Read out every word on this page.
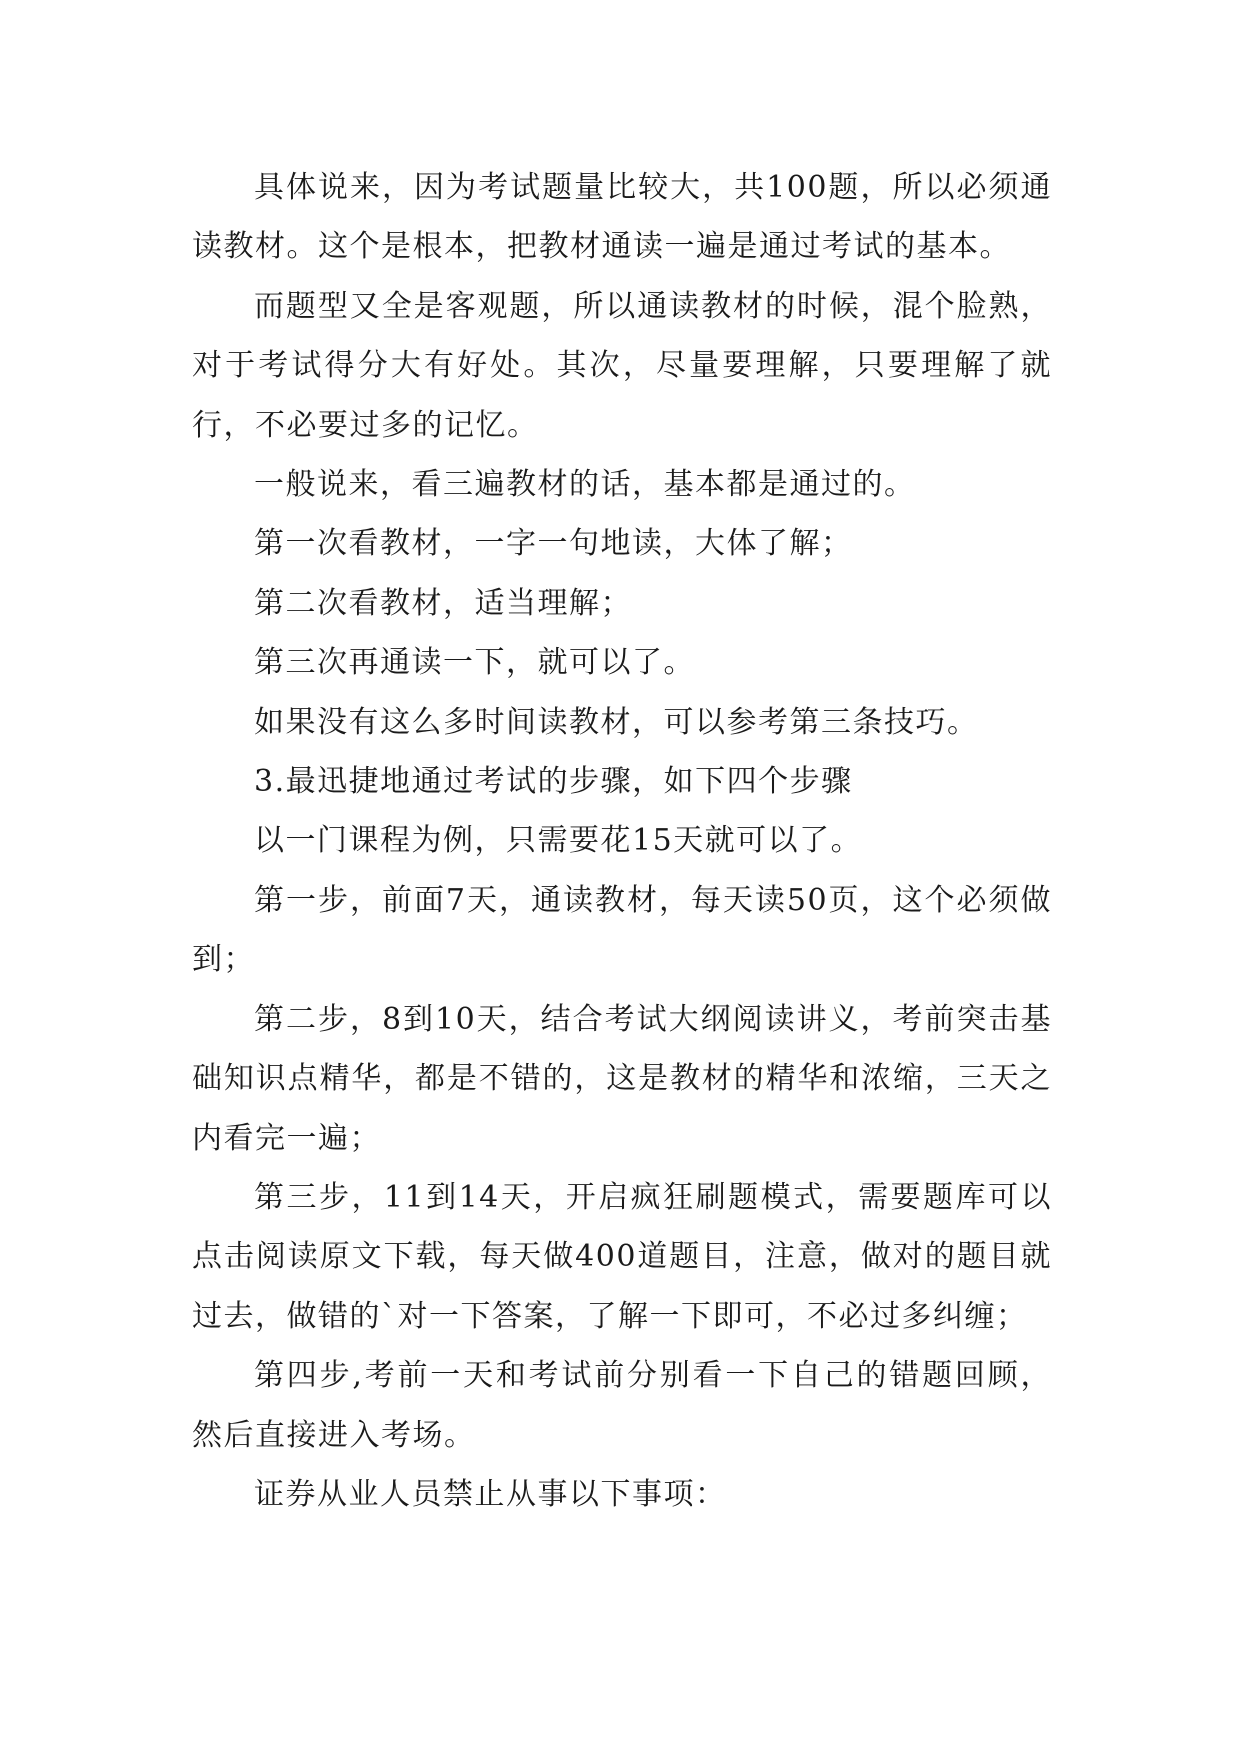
具体说来，因为考试题量比较大，共100题，所以必须通读教材。这个是根本，把教材通读一遍是通过考试的基本。

而题型又全是客观题，所以通读教材的时候，混个脸熟，对于考试得分大有好处。其次，尽量要理解，只要理解了就行，不必要过多的记忆。

一般说来，看三遍教材的话，基本都是通过的。

第一次看教材，一字一句地读，大体了解；

第二次看教材，适当理解；

第三次再通读一下，就可以了。

如果没有这么多时间读教材，可以参考第三条技巧。

3.最迅捷地通过考试的步骤，如下四个步骤

以一门课程为例，只需要花15天就可以了。

第一步，前面7天，通读教材，每天读50页，这个必须做到；

第二步，8到10天，结合考试大纲阅读讲义，考前突击基础知识点精华，都是不错的，这是教材的精华和浓缩，三天之内看完一遍；

第三步，11到14天，开启疯狂刷题模式，需要题库可以点击阅读原文下载，每天做400道题目，注意，做对的题目就过去，做错的`对一下答案，了解一下即可，不必过多纠缠；

第四步,考前一天和考试前分别看一下自己的错题回顾，然后直接进入考场。

证券从业人员禁止从事以下事项：
